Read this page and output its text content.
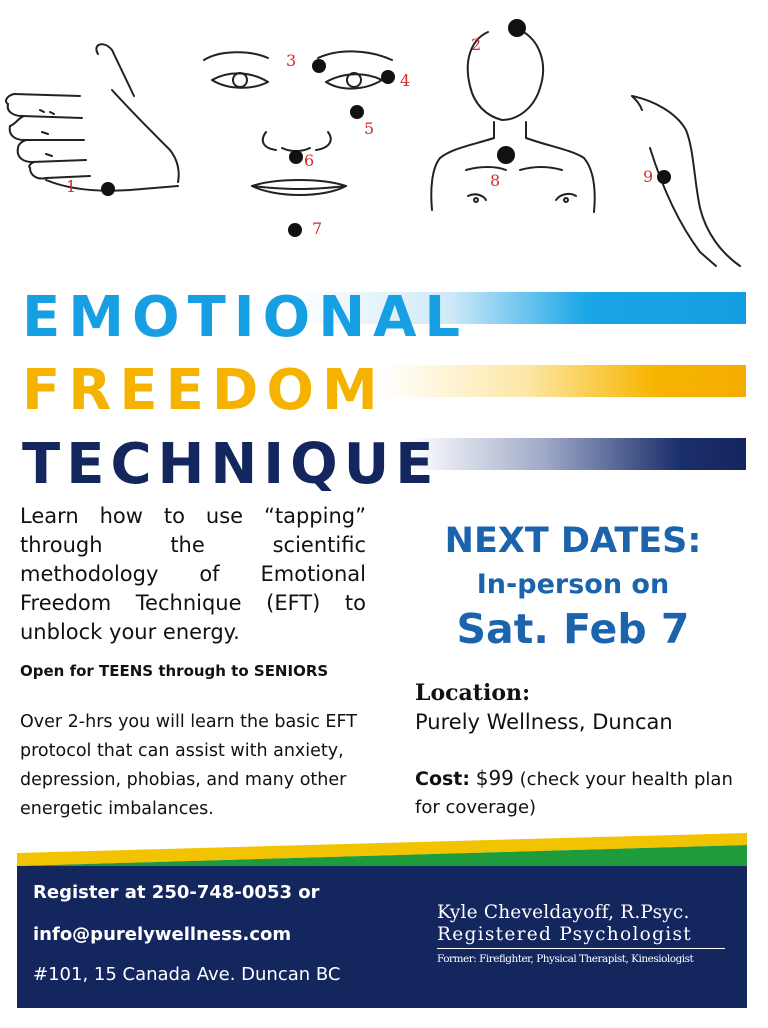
1
2
3
4
5
6
7
8	9
EMOTIONAL
FREEDOM
TECHNIQUE

Learn how to use “tapping” through the scientific methodology of Emotional Freedom Technique (EFT) to unblock your energy.

Open for TEENS through to SENIORS

Over 2-hrs you will learn the basic EFT protocol that can assist with anxiety, depression, phobias, and many other energetic imbalances.

NEXT DATES:
In-person on
Sat. Feb 7
Location:
Purely Wellness, Duncan

Cost: $99 (check your health plan for coverage)

Register at 250-748-0053 or

info@purelywellness.com

#101, 15 Canada Ave. Duncan BC

Kyle Cheveldayoff, R.Psyc.
Registered Psychologist
Former: Firefighter, Physical Therapist, Kinesiologist
